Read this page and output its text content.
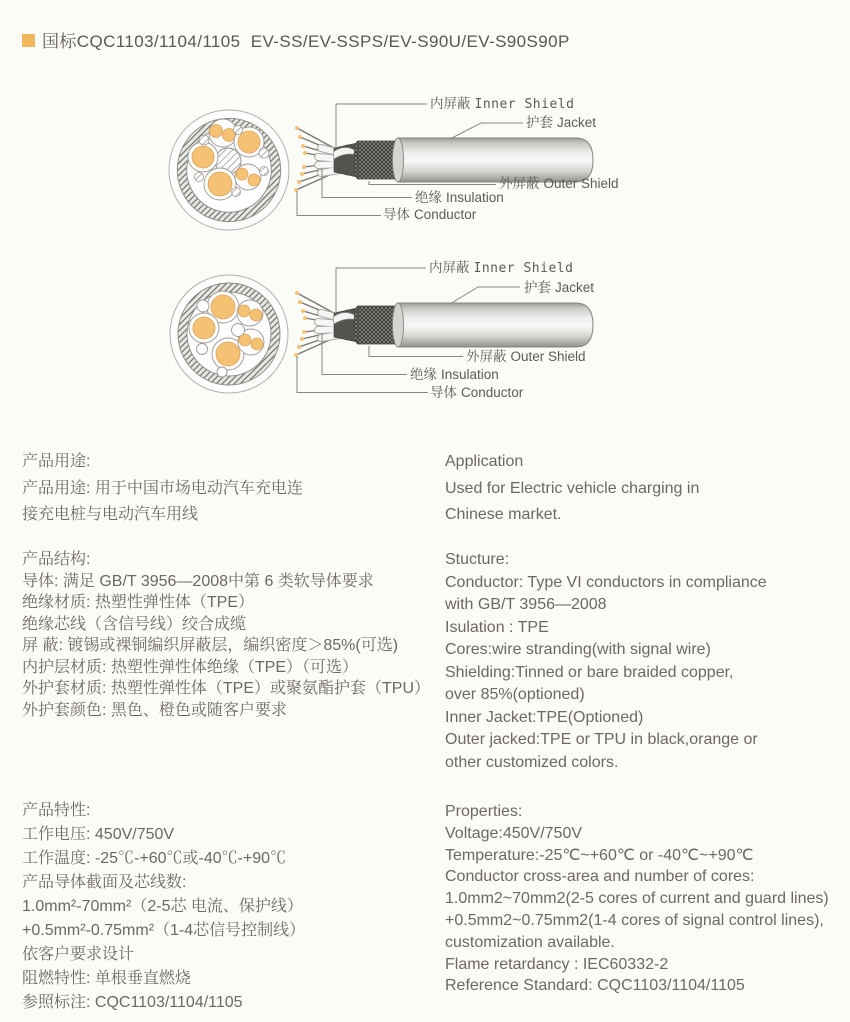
国标CQC1103/1104/1105  EV-SS/EV-SSPS/EV-S90U/EV-S90S90P
内屏蔽 Inner Shield
护套 Jacket
外屏蔽 Outer Shield
绝缘 Insulation
导体 Conductor
内屏蔽 Inner Shield
护套 Jacket
外屏蔽 Outer Shield
绝缘 Insulation
导体 Conductor
产品用途:
产品用途: 用于中国市场电动汽车充电连
接充电桩与电动汽车用线
Application
Used for Electric vehicle charging in
Chinese market.
产品结构:
导体: 满足 GB/T 3956—2008中第 6 类软导体要求
绝缘材质: 热塑性弹性体（TPE）
绝缘芯线（含信号线）绞合成缆
屏 蔽: 镀锡或裸铜编织屏蔽层，编织密度＞85%(可选)
内护层材质: 热塑性弹性体绝缘（TPE）（可选）
外护套材质: 热塑性弹性体（TPE）或聚氨酯护套（TPU）
外护套颜色: 黑色、橙色或随客户要求
Stucture:
Conductor: Type VI conductors in compliance
with GB/T 3956—2008
Isulation : TPE
Cores:wire stranding(with signal wire)
Shielding:Tinned or bare braided copper,
over 85%(optioned)
Inner Jacket:TPE(Optioned)
Outer jacked:TPE or TPU in black,orange or
other customized colors.
产品特性:
工作电压: 450V/750V
工作温度: -25℃-+60℃或-40℃-+90℃
产品导体截面及芯线数:
1.0mm²-70mm²（2-5芯 电流、保护线）
+0.5mm²-0.75mm²（1-4芯信号控制线）
依客户要求设计
阻燃特性: 单根垂直燃烧
参照标注: CQC1103/1104/1105
Properties:
Voltage:450V/750V
Temperature:-25℃~+60℃ or -40℃~+90℃
Conductor cross-area and number of cores:
1.0mm2~70mm2(2-5 cores of current and guard lines)
+0.5mm2~0.75mm2(1-4 cores of signal control lines),
customization available.
Flame retardancy : IEC60332-2
Reference Standard: CQC1103/1104/1105
